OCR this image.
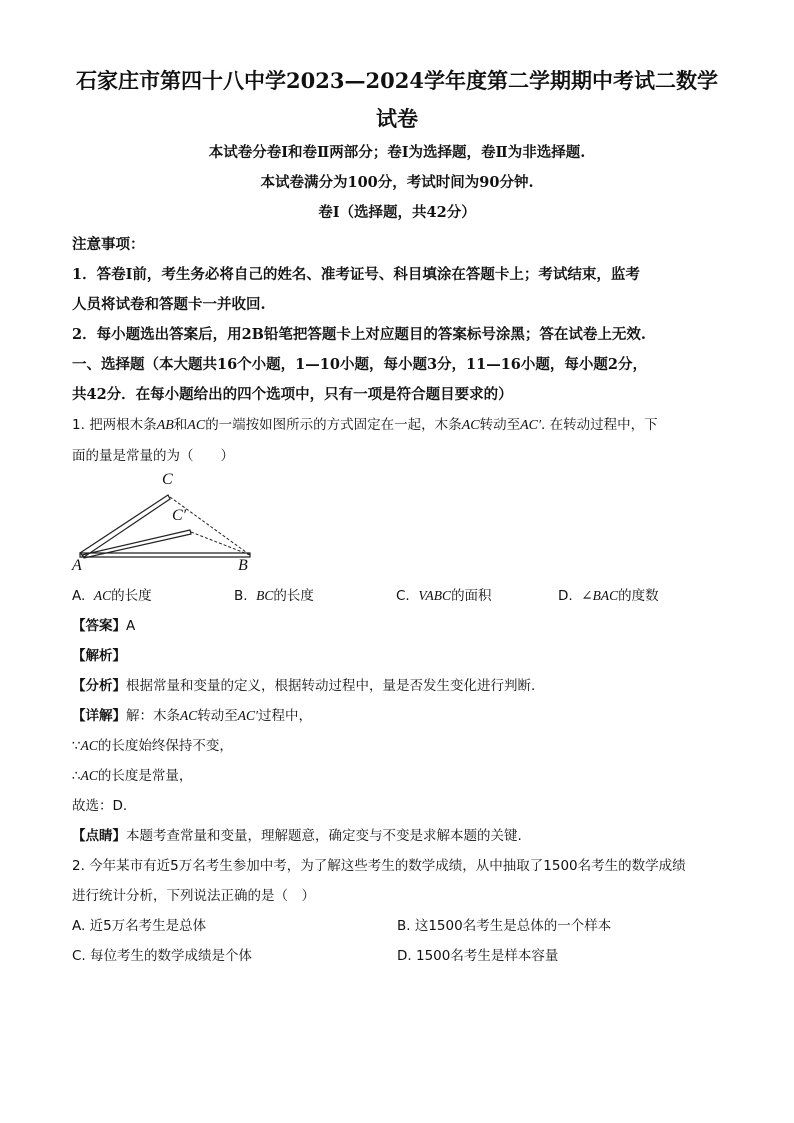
石家庄市第四十八中学2023—2024学年度第二学期期中考试二数学
试卷

本试卷分卷Ⅰ和卷Ⅱ两部分；卷Ⅰ为选择题，卷Ⅱ为非选择题.

本试卷满分为100分，考试时间为90分钟.

卷Ⅰ（选择题，共42分）

注意事项：

1．答卷Ⅰ前，考生务必将自己的姓名、准考证号、科目填涂在答题卡上；考试结束，监考

人员将试卷和答题卡一并收回.

2．每小题选出答案后，用2B铅笔把答题卡上对应题目的答案标号涂黑；答在试卷上无效.

一、选择题（本大题共16个小题，1—10小题，每小题3分，11—16小题，每小题2分，

共42分．在每小题给出的四个选项中，只有一项是符合题目要求的）

1. 把两根木条AB和AC的一端按如图所示的方式固定在一起，木条AC转动至AC′. 在转动过程中，下

面的量是常量的为（　　）

A	B
C
C′
A. AC的长度	B. BC的长度	C. VABC的面积	D. ∠BAC的度数

【答案】A

【解析】

【分析】根据常量和变量的定义，根据转动过程中，量是否发生变化进行判断.

【详解】解：木条AC转动至AC′过程中，

∵AC的长度始终保持不变，

∴AC的长度是常量，

故选：D.

【点睛】本题考查常量和变量，理解题意，确定变与不变是求解本题的关键.

2. 今年某市有近5万名考生参加中考，为了解这些考生的数学成绩，从中抽取了1500名考生的数学成绩

进行统计分析，下列说法正确的是（　）

A. 近5万名考生是总体	B. 这1500名考生是总体的一个样本
C. 每位考生的数学成绩是个体	D. 1500名考生是样本容量
